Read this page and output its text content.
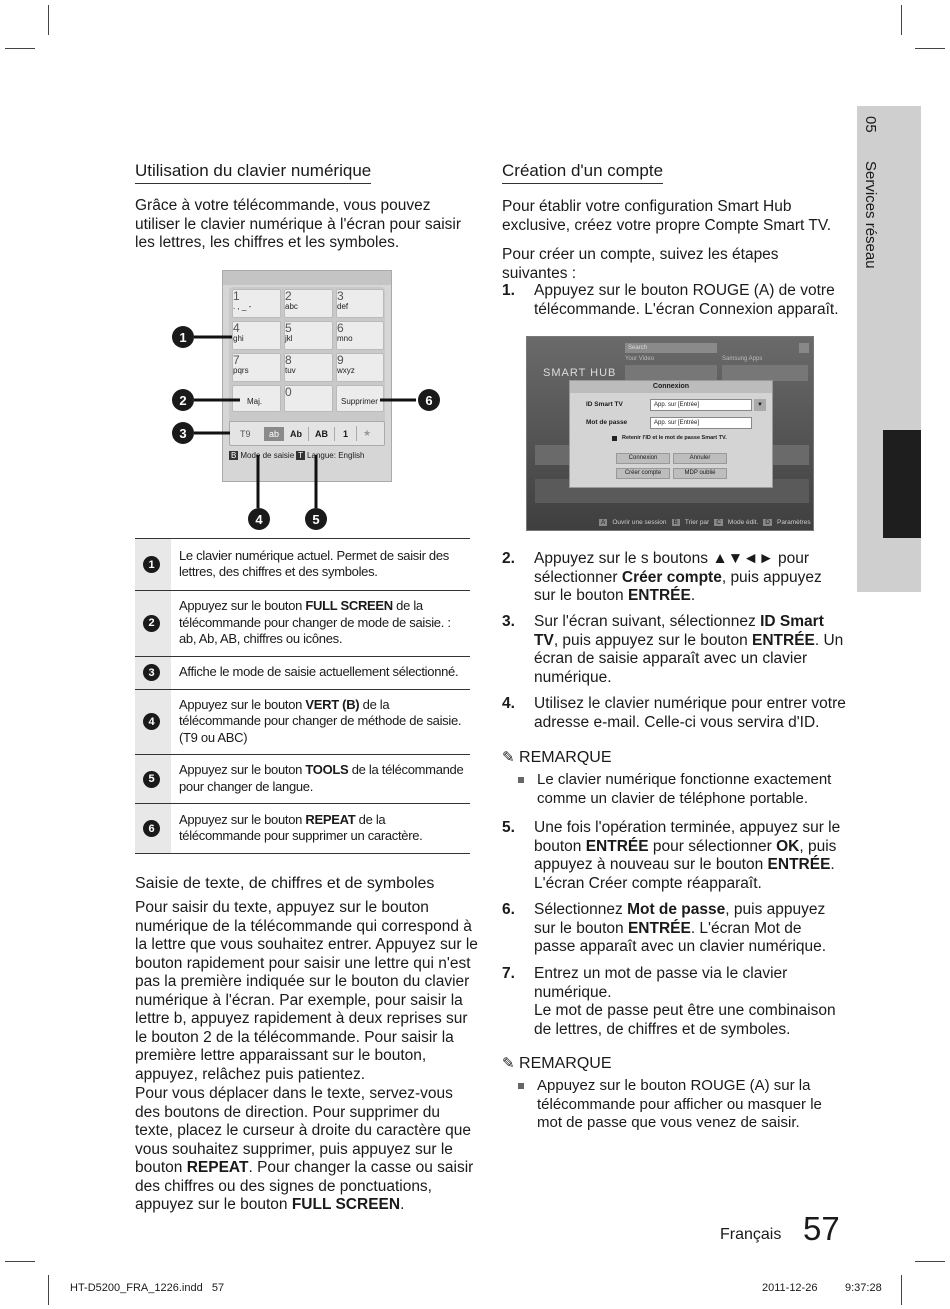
05  Services réseau
Utilisation du clavier numérique
Grâce à votre télécommande, vous pouvez utiliser le clavier numérique à l'écran pour saisir les lettres, les chiffres et les symboles.
1
. , _ -
2
abc
3
def
4
ghi
5
jkl
6
mno
7
pqrs
8
tuv
9
wxyz
Maj.
0
Supprimer
T9	ab	Ab	AB	1	★
B Mode de saisie T Langue: English
1
2
3
4	5
6
1	Le clavier numérique actuel. Permet de saisir des lettres, des chiffres et des symboles.

2	Appuyez sur le bouton FULL SCREEN de la télécommande pour changer de mode de saisie. : ab, Ab, AB, chiffres ou icônes.

3	Affiche le mode de saisie actuellement sélectionné.

4	Appuyez sur le bouton VERT (B) de la télécommande pour changer de méthode de saisie. (T9 ou ABC)

5	Appuyez sur le bouton TOOLS de la télécommande pour changer de langue.

6	Appuyez sur le bouton REPEAT de la télécommande pour supprimer un caractère.
Saisie de texte, de chiffres et de symboles
Pour saisir du texte, appuyez sur le bouton numérique de la télécommande qui correspond à la lettre que vous souhaitez entrer. Appuyez sur le bouton rapidement pour saisir une lettre qui n'est pas la première indiquée sur le bouton du clavier numérique à l'écran. Par exemple, pour saisir la lettre b, appuyez rapidement à deux reprises sur le bouton 2 de la télécommande. Pour saisir la première lettre apparaissant sur le bouton, appuyez, relâchez puis patientez.
Pour vous déplacer dans le texte, servez-vous des boutons de direction. Pour supprimer du texte, placez le curseur à droite du caractère que vous souhaitez supprimer, puis appuyez sur le bouton REPEAT. Pour changer la casse ou saisir des chiffres ou des signes de ponctuations, appuyez sur le bouton FULL SCREEN.
Création d'un compte
Pour établir votre configuration Smart Hub exclusive, créez votre propre Compte Smart TV.
Pour créer un compte, suivez les étapes suivantes :
1. Appuyez sur le bouton ROUGE (A) de votre télécommande. L'écran Connexion apparaît.
Search
Your Video	Samsung Apps
SMART HUB
Connexion
ID Smart TV	App. sur [Entrée]	▼
Mot de passe	App. sur [Entrée]
Retenir l'ID et le mot de passe Smart TV.
Connexion	Annuler
Créer compte	MDP oublié
A	Ouvrir une session	B	Trier par	C	Mode édit.	D	Paramètres
2. Appuyez sur le s boutons ▲▼◄► pour sélectionner Créer compte, puis appuyez sur le bouton ENTRÉE.
3. Sur l'écran suivant, sélectionnez ID Smart TV, puis appuyez sur le bouton ENTRÉE. Un écran de saisie apparaît avec un clavier numérique.
4. Utilisez le clavier numérique pour entrer votre adresse e-mail. Celle-ci vous servira d'ID.
✎ REMARQUE
Le clavier numérique fonctionne exactement comme un clavier de téléphone portable.
5. Une fois l'opération terminée, appuyez sur le bouton ENTRÉE pour sélectionner OK, puis appuyez à nouveau sur le bouton ENTRÉE. L'écran Créer compte réapparaît.
6. Sélectionnez Mot de passe, puis appuyez sur le bouton ENTRÉE. L'écran Mot de passe apparaît avec un clavier numérique.
7. Entrez un mot de passe via le clavier numérique.
Le mot de passe peut être une combinaison de lettres, de chiffres et de symboles.
✎ REMARQUE
Appuyez sur le bouton ROUGE (A) sur la télécommande pour afficher ou masquer le mot de passe que vous venez de saisir.
Français 57
HT-D5200_FRA_1226.indd   57	2011-12-26	9:37:28
